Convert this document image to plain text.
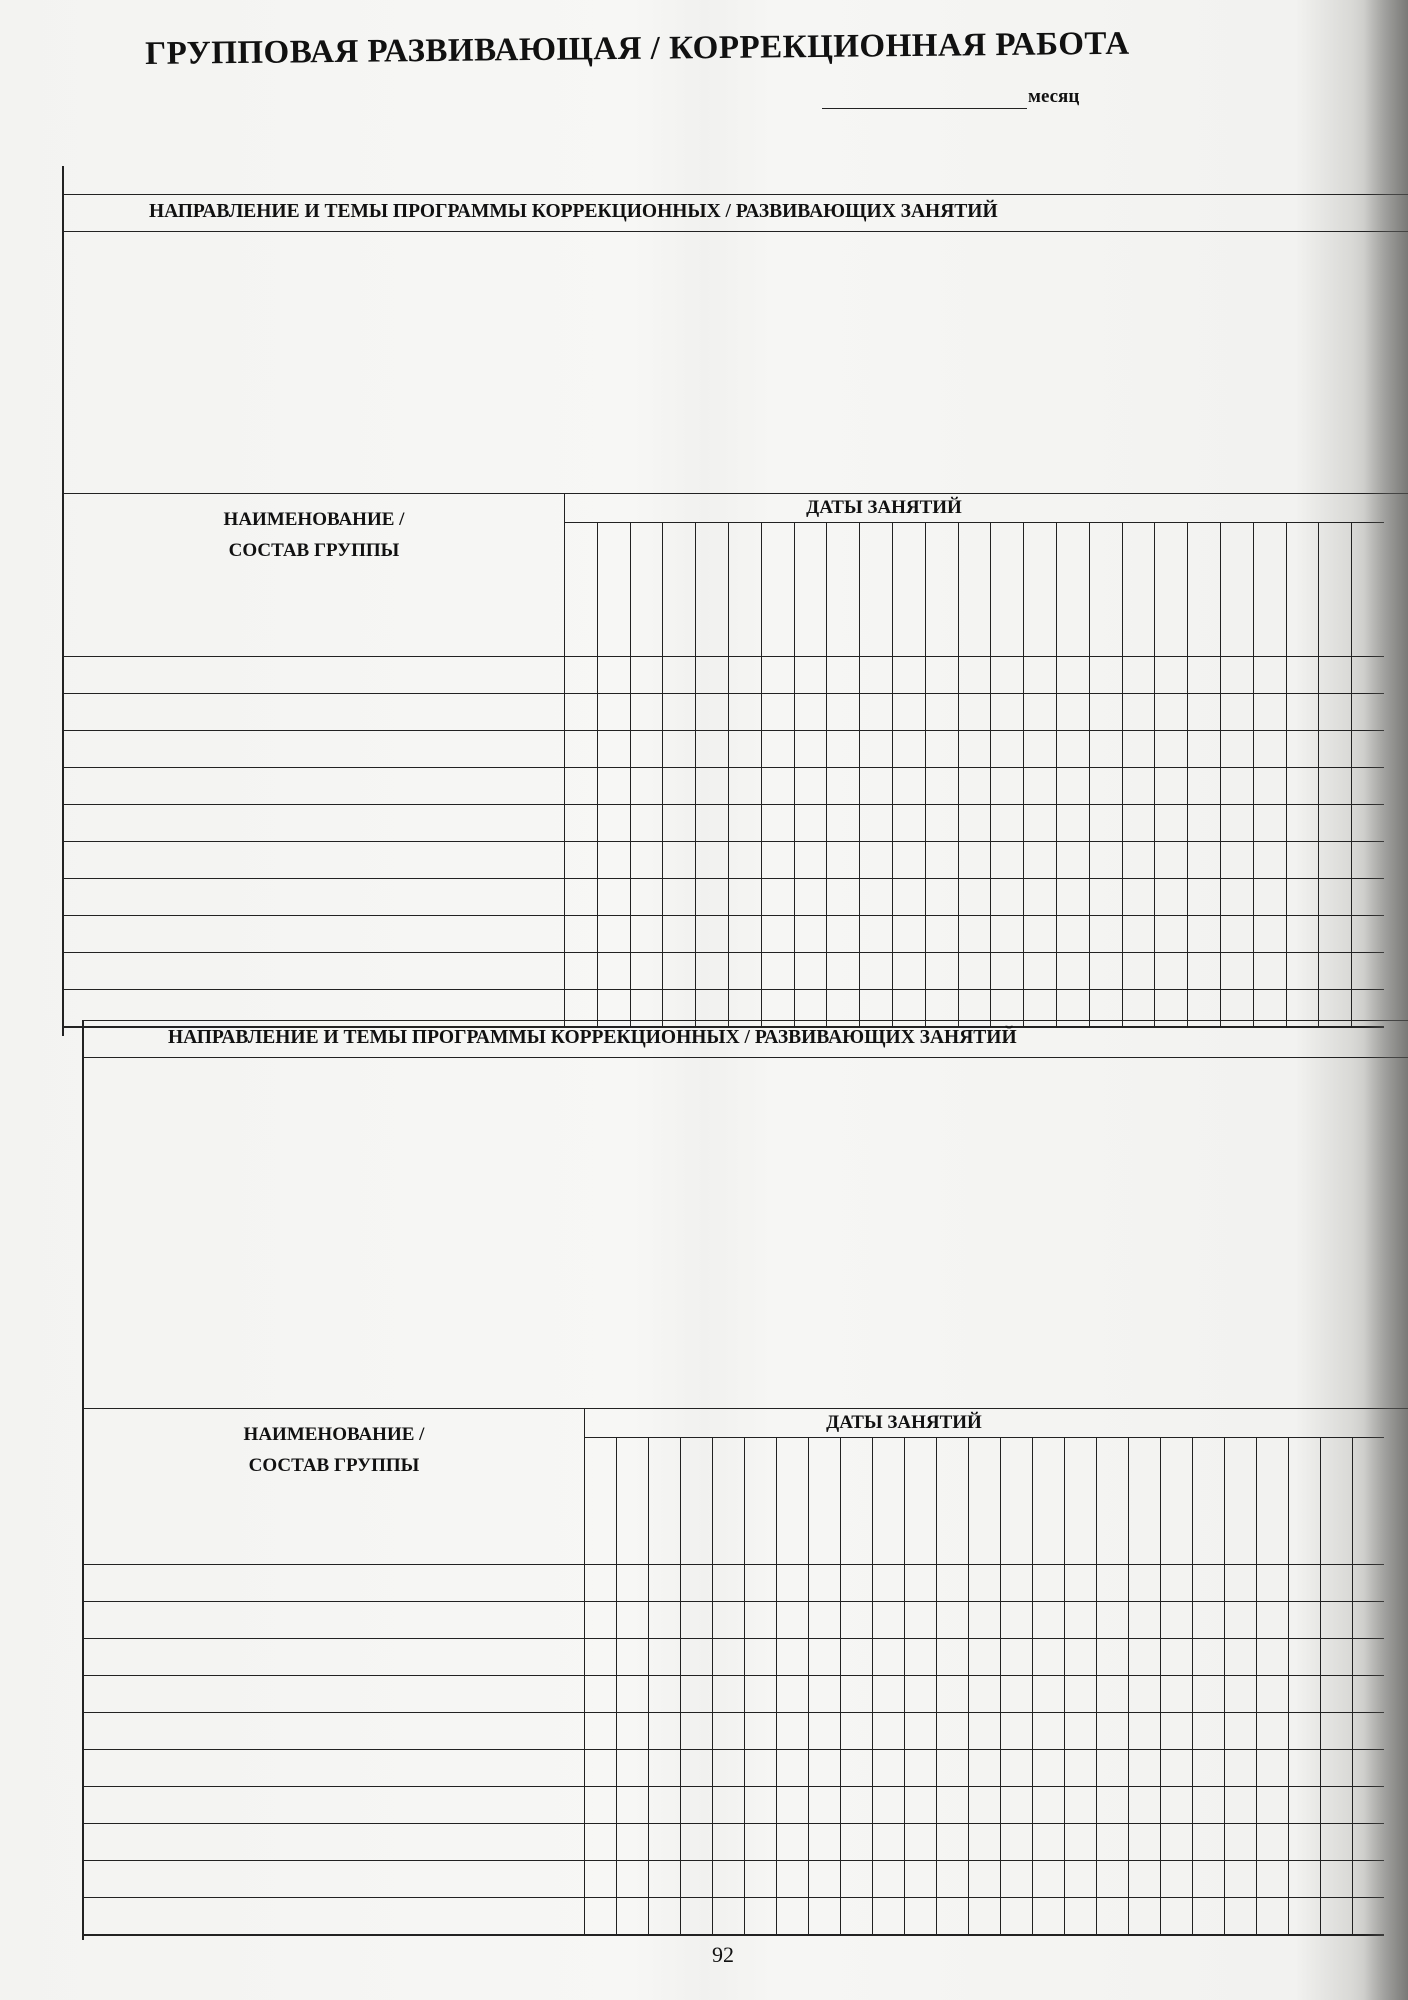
ГРУППОВАЯ РАЗВИВАЮЩАЯ / КОРРЕКЦИОННАЯ РАБОТА
месяц
НАПРАВЛЕНИЕ И ТЕМЫ ПРОГРАММЫ КОРРЕКЦИОННЫХ / РАЗВИВАЮЩИХ ЗАНЯТИЙ
НАИМЕНОВАНИЕ / СОСТАВ ГРУППЫ
ДАТЫ ЗАНЯТИЙ
НАПРАВЛЕНИЕ И ТЕМЫ ПРОГРАММЫ КОРРЕКЦИОННЫХ / РАЗВИВАЮЩИХ ЗАНЯТИЙ
НАИМЕНОВАНИЕ / СОСТАВ ГРУППЫ
ДАТЫ ЗАНЯТИЙ
92
